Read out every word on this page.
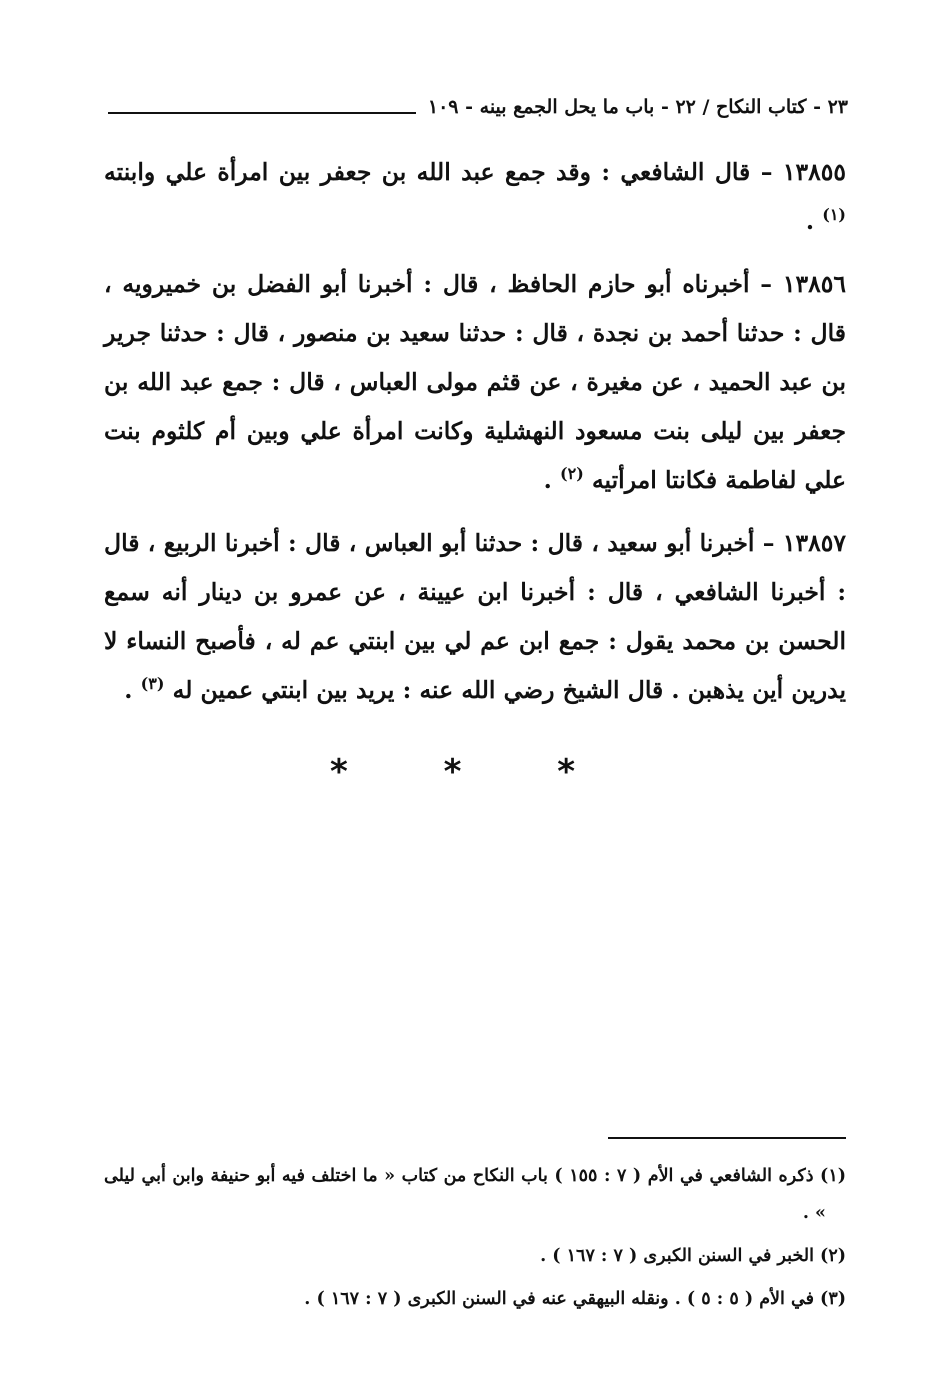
٢٣ - كتاب النكاح / ٢٢ - باب ما يحل الجمع بينه - ١٠٩

١٣٨٥٥ – قال الشافعي : وقد جمع عبد الله بن جعفر بين امرأة علي وابنته $^{(١)}$ .

١٣٨٥٦ – أخبرناه أبو حازم الحافظ ، قال : أخبرنا أبو الفضل بن خميرويه ، قال : حدثنا أحمد بن نجدة ، قال : حدثنا سعيد بن منصور ، قال : حدثنا جرير بن عبد الحميد ، عن مغيرة ، عن قثم مولى العباس ، قال : جمع عبد الله بن جعفر بين ليلى بنت مسعود النهشلية وكانت امرأة علي وبين أم كلثوم بنت علي لفاطمة فكانتا امرأتيه $^{(٢)}$ .

١٣٨٥٧ – أخبرنا أبو سعيد ، قال : حدثنا أبو العباس ، قال : أخبرنا الربيع ، قال : أخبرنا الشافعي ، قال : أخبرنا ابن عيينة ، عن عمرو بن دينار أنه سمع الحسن بن محمد يقول : جمع ابن عم لي بين ابنتي عم له ، فأصبح النساء لا يدرين أين يذهبن . قال الشيخ رضي الله عنه : يريد بين ابنتي عمين له $^{(٣)}$ .

* * *

(١) ذكره الشافعي في الأم ( ٧ : ١٥٥ ) باب النكاح من كتاب « ما اختلف فيه أبو حنيفة وابن أبي ليلى » .

(٢) الخبر في السنن الكبرى ( ٧ : ١٦٧ ) .

(٣) في الأم ( ٥ : ٥ ) . ونقله البيهقي عنه في السنن الكبرى ( ٧ : ١٦٧ ) .
